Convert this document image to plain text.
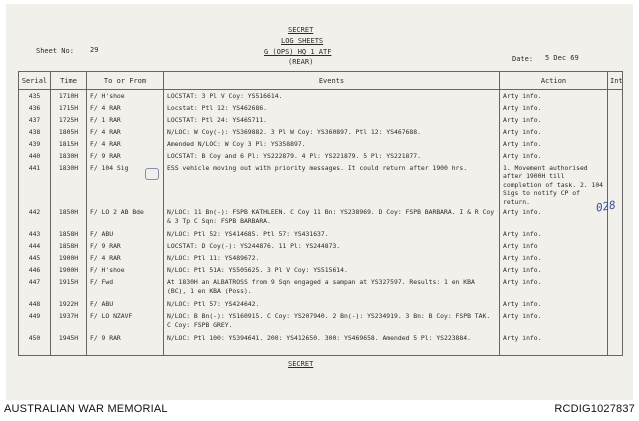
SECRET
LOG SHEETS
G (OPS) HQ 1 ATF
(REAR)
Sheet No: 29
Date: 5 Dec 69
Serial	Time	To or From	Events	Action	Int
435	1710H	F/ H'shoe	LOCSTAT: 3 Pl V Coy: YS516614.	Arty info.	
436	1715H	F/ 4 RAR	Locstat: Ptl 12: YS462686.	Arty info.	
437	1725H	F/ 1 RAR	LOCSTAT: Ptl 24: YS465711.	Arty info.	
438	1805H	F/ 4 RAR	N/LOC: W Coy(-): YS369882. 3 Pl W Coy: YS360897. Ptl 12: YS467688.	Arty info.	
439	1815H	F/ 4 RAR	Amended N/LOC: W Coy 3 Pl: YS358897.	Arty info.	
440	1830H	F/ 9 RAR	LOCSTAT: B Coy and 6 Pl: YS222879. 4 Pl: YS221879. 5 Pl: YS221877.	Arty info.	
441	1830H	F/ 104 Sig	ESS vehicle moving out with priority messages. It could return after 1900 hrs.	1. Movement authorised after 1900H till completion of task. 2. 104 Sigs to notify CP of return.	
442	1850H	F/ LO 2 AB Bde	N/LOC: 11 Bn(-): FSPB KATHLEEN. C Coy 11 Bn: YS238969. D Coy: FSPB BARBARA. I & R Coy & 3 Tp C Sqn: FSPB BARBARA.	Arty info.	
443	1858H	F/ ABU	N/LOC: Ptl 52: YS414685. Ptl 57: YS431637.	Arty info.	
444	1858H	F/ 9 RAR	LOCSTAT: D Coy(-): YS244876. 11 Pl: YS244873.	Arty info	
445	1900H	F/ 4 RAR	N/LOC: Ptl 11: YS489672.	Arty info.	
446	1900H	F/ H'shoe	N/LOC: Ptl 51A: YS505625. 3 Pl V Coy: YS515614.	Arty info.	
447	1915H	F/ Fwd	At 1830H an ALBATROSS from 9 Sqn engaged a sampan at YS327597. Results: 1 en KBA (BC), 1 en KBA (Poss).	Arty info.	
448	1922H	F/ ABU	N/LOC: Ptl 57: YS424642.	Arty info.	
449	1937H	F/ LO NZAVF	N/LOC: B Bn(-): YS160915. C Coy: YS207940. 2 Bn(-): YS234919. 3 Bn: B Coy: FSPB TAK. C Coy: FSPB GREY.	Arty info.	
450	1945H	F/ 9 RAR	N/LOC: Ptl 100: YS394641. 200: YS412650. 300: YS469658. Amended 5 Pl: YS223884.	Arty info.	
028
SECRET
AUSTRALIAN WAR MEMORIAL	RCDIG1027837
